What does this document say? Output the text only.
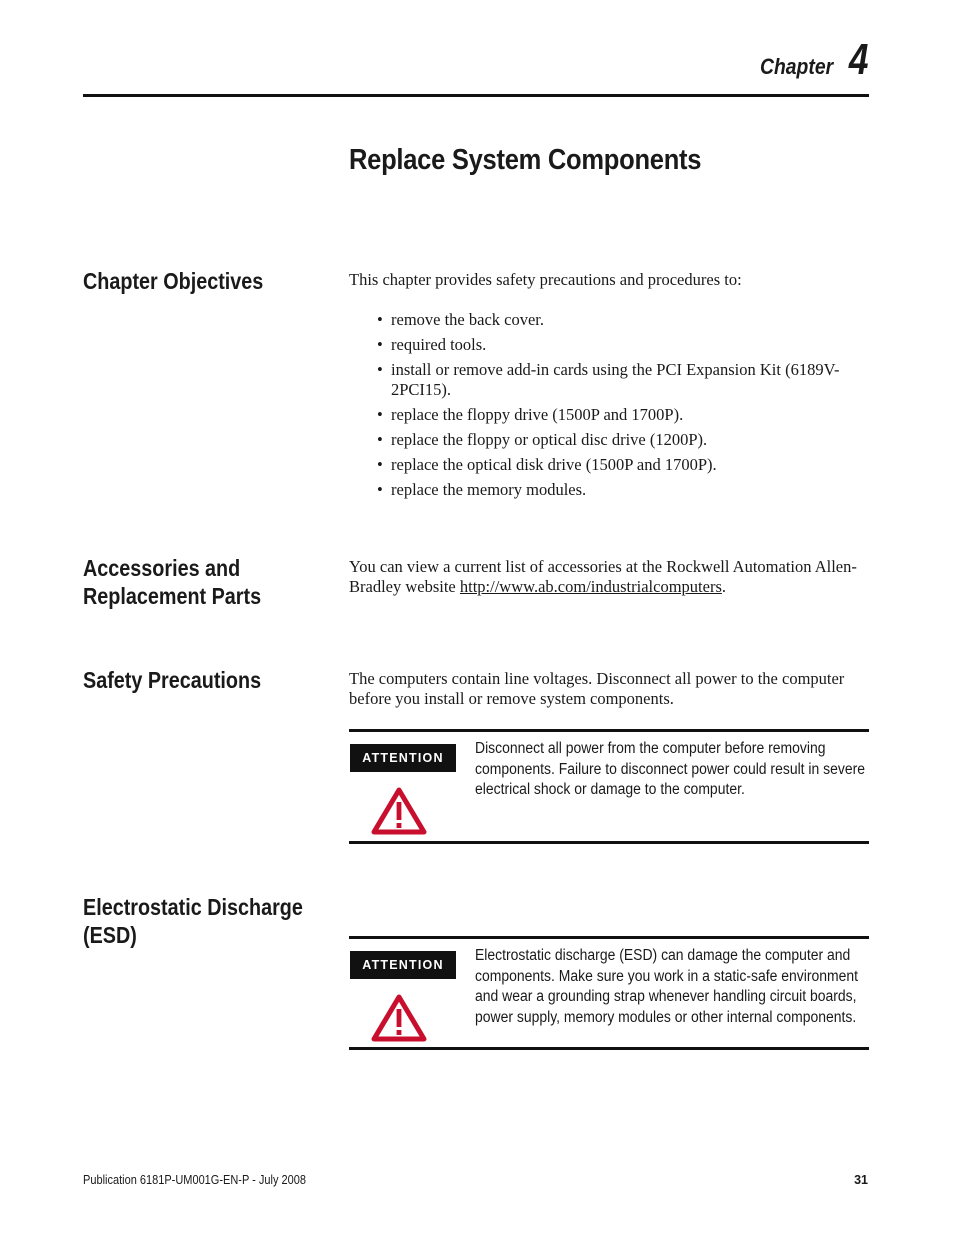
Chapter 4
Replace System Components
Chapter Objectives	This chapter provides safety precautions and procedures to:

• remove the back cover.
• required tools.
• install or remove add-in cards using the PCI Expansion Kit (6189V-2PCI15).
• replace the floppy drive (1500P and 1700P).
• replace the floppy or optical disc drive (1200P).
• replace the optical disk drive (1500P and 1700P).
• replace the memory modules.
Accessories and
Replacement Parts

You can view a current list of accessories at the Rockwell Automation Allen-Bradley website http://www.ab.com/industrialcomputers.

Safety Precautions	The computers contain line voltages. Disconnect all power to the computer before you install or remove system components.

ATTENTION

Disconnect all power from the computer before removing components. Failure to disconnect power could result in severe electrical shock or damage to the computer.

Electrostatic Discharge
(ESD)
ATTENTION

Electrostatic discharge (ESD) can damage the computer and components. Make sure you work in a static-safe environment and wear a grounding strap whenever handling circuit boards, power supply, memory modules or other internal components.

Publication 6181P-UM001G-EN-P - July 2008	31
